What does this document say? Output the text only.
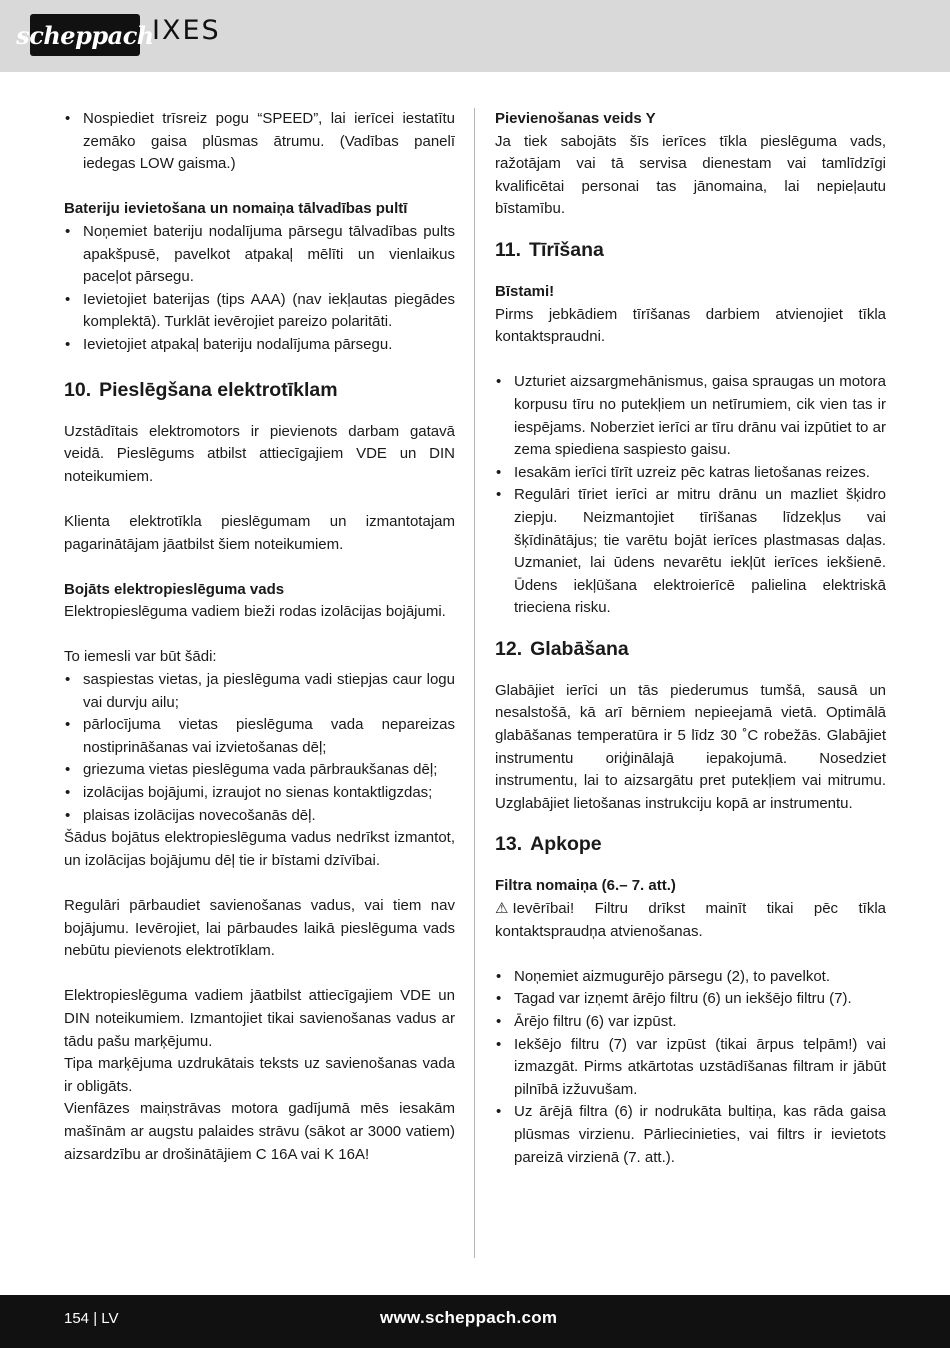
scheppach
IXES
• Nospiediet trīsreiz pogu “SPEED”, lai ierīcei iestatītu zemāko gaisa plūsmas ātrumu. (Vadības panelī iedegas LOW gaisma.)
Bateriju ievietošana un nomaiņa tālvadības pultī
• Noņemiet bateriju nodalījuma pārsegu tālvadības pults apakšpusē, pavelkot atpakaļ mēlīti un vienlaikus paceļot pārsegu.
• Ievietojiet baterijas (tips AAA) (nav iekļautas piegādes komplektā). Turklāt ievērojiet pareizo polaritāti.
• Ievietojiet atpakaļ bateriju nodalījuma pārsegu.
10. Pieslēgšana elektrotīklam

Uzstādītais elektromotors ir pievienots darbam gatavā veidā. Pieslēgums atbilst attiecīgajiem VDE un DIN noteikumiem.

Klienta elektrotīkla pieslēgumam un izmantotajam pagarinātājam jāatbilst šiem noteikumiem.

Bojāts elektropieslēguma vads

Elektropieslēguma vadiem bieži rodas izolācijas bojājumi.

To iemesli var būt šādi:

• saspiestas vietas, ja pieslēguma vadi stiepjas caur logu vai durvju ailu;
• pārlocījuma vietas pieslēguma vada nepareizas nostiprināšanas vai izvietošanas dēļ;
• griezuma vietas pieslēguma vada pārbraukšanas dēļ;
• izolācijas bojājumi, izraujot no sienas kontaktligzdas;
• plaisas izolācijas novecošanās dēļ.

Šādus bojātus elektropieslēguma vadus nedrīkst izmantot, un izolācijas bojājumu dēļ tie ir bīstami dzīvībai.

Regulāri pārbaudiet savienošanas vadus, vai tiem nav bojājumu. Ievērojiet, lai pārbaudes laikā pieslēguma vads nebūtu pievienots elektrotīklam.

Elektropieslēguma vadiem jāatbilst attiecīgajiem VDE un DIN noteikumiem. Izmantojiet tikai savienošanas vadus ar tādu pašu marķējumu.

Tipa marķējuma uzdrukātais teksts uz savienošanas vada ir obligāts.

Vienfāzes maiņstrāvas motora gadījumā mēs iesakām mašīnām ar augstu palaides strāvu (sākot ar 3000 vatiem) aizsardzību ar drošinātājiem C 16A vai K 16A!

Pievienošanas veids Y

Ja tiek sabojāts šīs ierīces tīkla pieslēguma vads, ražotājam vai tā servisa dienestam vai tamlīdzīgi kvalificētai personai tas jānomaina, lai nepieļautu bīstamību.

11. Tīrīšana
Bīstami!

Pirms jebkādiem tīrīšanas darbiem atvienojiet tīkla kontaktspraudni.

• Uzturiet aizsargmehānismus, gaisa spraugas un motora korpusu tīru no putekļiem un netīrumiem, cik vien tas ir iespējams. Noberziet ierīci ar tīru drānu vai izpūtiet to ar zema spiediena saspiesto gaisu.
• Iesakām ierīci tīrīt uzreiz pēc katras lietošanas reizes.
• Regulāri tīriet ierīci ar mitru drānu un mazliet šķidro ziepju. Neizmantojiet tīrīšanas līdzekļus vai šķīdinātājus; tie varētu bojāt ierīces plastmasas daļas. Uzmaniet, lai ūdens nevarētu iekļūt ierīces iekšienē. Ūdens iekļūšana elektroierīcē palielina elektriskā trieciena risku.
12. Glabāšana

Glabājiet ierīci un tās piederumus tumšā, sausā un nesalstošā, kā arī bērniem nepieejamā vietā. Optimālā glabāšanas temperatūra ir 5 līdz 30 ˚C robežās. Glabājiet instrumentu oriģinālajā iepakojumā. Nosedziet instrumentu, lai to aizsargātu pret putekļiem vai mitrumu. Uzglabājiet lietošanas instrukciju kopā ar instrumentu.

13. Apkope
Filtra nomaiņa (6.– 7. att.)

⚠ Ievērībai! Filtru drīkst mainīt tikai pēc tīkla kontaktspraudņa atvienošanas.

• Noņemiet aizmugurējo pārsegu (2), to pavelkot.
• Tagad var izņemt ārējo filtru (6) un iekšējo filtru (7).
• Ārējo filtru (6) var izpūst.
• Iekšējo filtru (7) var izpūst (tikai ārpus telpām!) vai izmazgāt. Pirms atkārtotas uzstādīšanas filtram ir jābūt pilnībā izžuvušam.
• Uz ārējā filtra (6) ir nodrukāta bultiņa, kas rāda gaisa plūsmas virzienu. Pārliecinieties, vai filtrs ir ievietots pareizā virzienā (7. att.).
154 | LV	www.scheppach.com
